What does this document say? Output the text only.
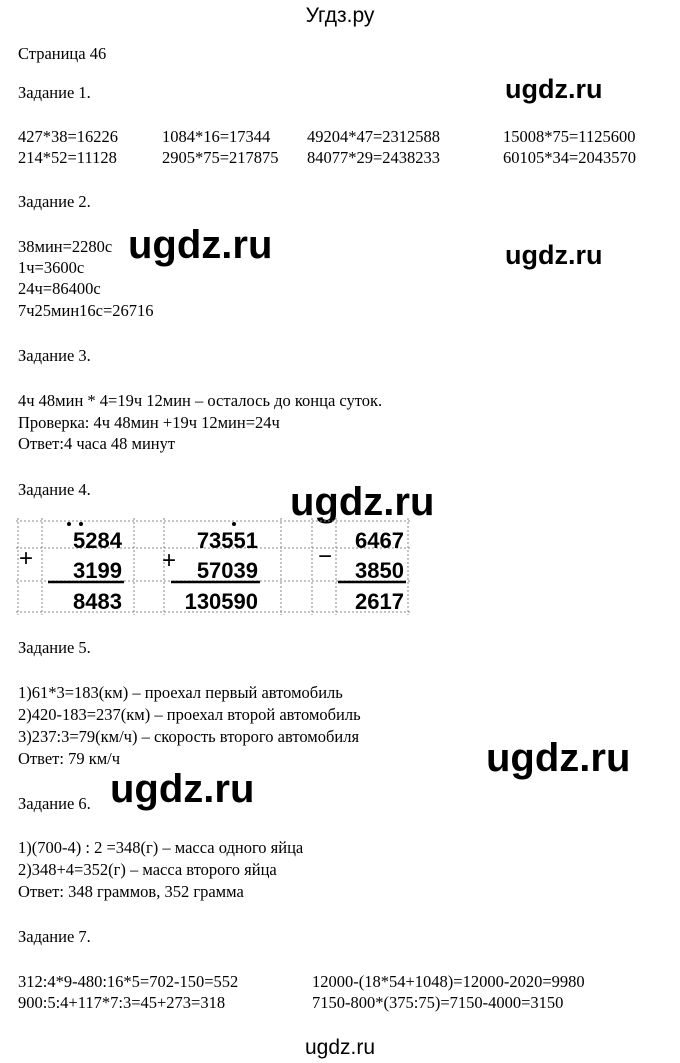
Угдз.ру
Страница 46
ugdz.ru
ugdz.ru
ugdz.ru
ugdz.ru
ugdz.ru
ugdz.ru
Задание 1.
427*38=16226	1084*16=17344 49204*47=2312588	15008*75=1125600
214*52=11128	2905*75=217875 84077*29=2438233	60105*34=2043570
Задание 2.
38мин=2280с
1ч=3600с
24ч=86400с
7ч25мин16с=26716
Задание 3.
4ч 48мин * 4=19ч 12мин – осталось до конца суток.
Проверка: 4ч 48мин +19ч 12мин=24ч
Ответ:4 часа 48 минут
Задание 4.
+
5284
3199
8483
+
73551
57039
130590
−
6467
3850
2617
Задание 5.
1)61*3=183(км) – проехал первый автомобиль
2)420-183=237(км) – проехал второй автомобиль
3)237:3=79(км/ч) – скорость второго автомобиля
Ответ: 79 км/ч
Задание 6.
1)(700-4) : 2 =348(г) – масса одного яйца
2)348+4=352(г) – масса второго яйца
Ответ: 348 граммов, 352 грамма
Задание 7.
312:4*9-480:16*5=702-150=552	12000-(18*54+1048)=12000-2020=9980
900:5:4+117*7:3=45+273=318	7150-800*(375:75)=7150-4000=3150
ugdz.ru
